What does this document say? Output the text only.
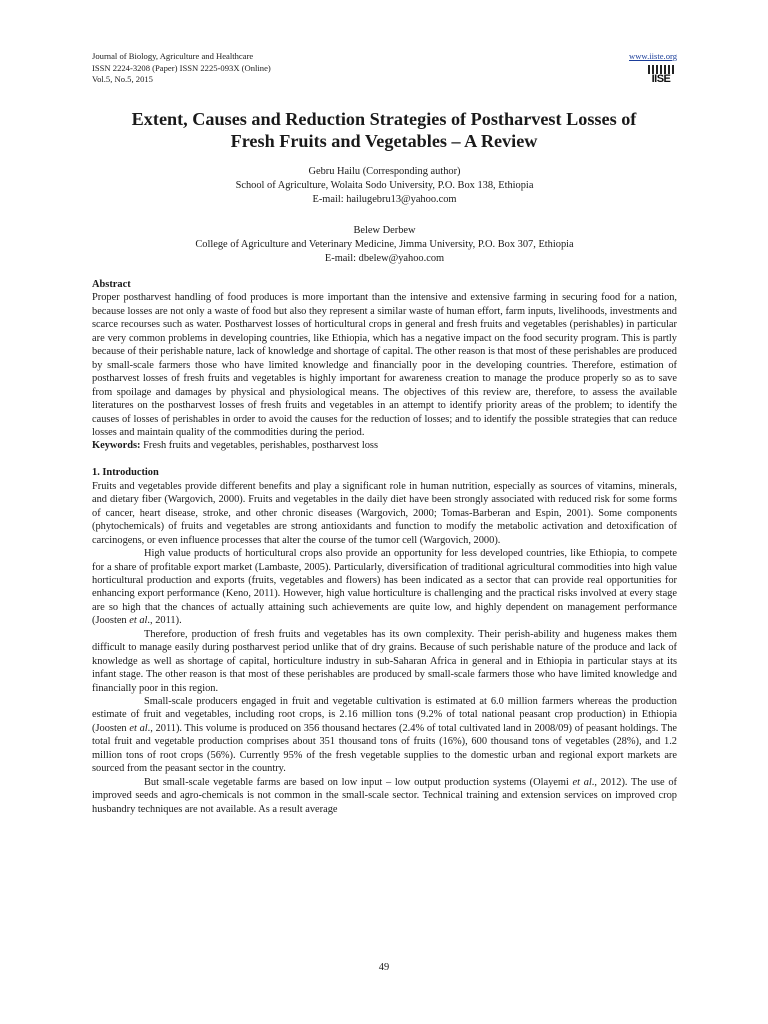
Journal of Biology, Agriculture and Healthcare
ISSN 2224-3208 (Paper) ISSN 2225-093X (Online)
Vol.5, No.5, 2015
www.iiste.org
IISE
Extent, Causes and Reduction Strategies of Postharvest Losses of
Fresh Fruits and Vegetables – A Review
Gebru Hailu (Corresponding author)
School of Agriculture, Wolaita Sodo University, P.O. Box 138, Ethiopia
E-mail: hailugebru13@yahoo.com
Belew Derbew
College of Agriculture and Veterinary Medicine, Jimma University, P.O. Box 307, Ethiopia
E-mail: dbelew@yahoo.com

Abstract

Proper postharvest handling of food produces is more important than the intensive and extensive farming in securing food for a nation, because losses are not only a waste of food but also they represent a similar waste of human effort, farm inputs, livelihoods, investments and scarce recourses such as water. Postharvest losses of horticultural crops in general and fresh fruits and vegetables (perishables) in particular are very common problems in developing countries, like Ethiopia, which has a negative impact on the food security program. This is partly because of their perishable nature, lack of knowledge and shortage of capital. The other reason is that most of these perishables are produced by small-scale farmers those who have limited knowledge and financially poor in the developing countries. Therefore, estimation of postharvest losses of fresh fruits and vegetables is highly important for awareness creation to manage the produce properly so as to save from spoilage and damages by physical and physiological means. The objectives of this review are, therefore, to assess the available literatures on the postharvest losses of fresh fruits and vegetables in an attempt to identify priority areas of the problem; to identify the causes of losses of perishables in order to avoid the causes for the reduction of losses; and to identify the possible strategies that can reduce losses and maintain quality of the commodities during the period.

Keywords: Fresh fruits and vegetables, perishables, postharvest loss

1. Introduction

Fruits and vegetables provide different benefits and play a significant role in human nutrition, especially as sources of vitamins, minerals, and dietary fiber (Wargovich, 2000). Fruits and vegetables in the daily diet have been strongly associated with reduced risk for some forms of cancer, heart disease, stroke, and other chronic diseases (Wargovich, 2000; Tomas-Barberan and Espin, 2001). Some components (phytochemicals) of fruits and vegetables are strong antioxidants and function to modify the metabolic activation and detoxification of carcinogens, or even influence processes that alter the course of the tumor cell (Wargovich, 2000).

High value products of horticultural crops also provide an opportunity for less developed countries, like Ethiopia, to compete for a share of profitable export market (Lambaste, 2005). Particularly, diversification of traditional agricultural commodities into high value horticultural production and exports (fruits, vegetables and flowers) has been indicated as a sector that can provide real opportunities for enhancing export performance (Keno, 2011). However, high value horticulture is challenging and the practical risks involved at every stage are so high that the chances of actually attaining such achievements are quite low, and highly dependent on management performance (Joosten et al., 2011).

Therefore, production of fresh fruits and vegetables has its own complexity. Their perish-ability and hugeness makes them difficult to manage easily during postharvest period unlike that of dry grains. Because of such perishable nature of the produce and lack of knowledge as well as shortage of capital, horticulture industry in sub-Saharan Africa in general and in Ethiopia in particular stays at its infant stage. The other reason is that most of these perishables are produced by small-scale farmers those who have limited knowledge and financially poor in this region.

Small-scale producers engaged in fruit and vegetable cultivation is estimated at 6.0 million farmers whereas the production estimate of fruit and vegetables, including root crops, is 2.16 million tons (9.2% of total national peasant crop production) in Ethiopia (Joosten et al., 2011). This volume is produced on 356 thousand hectares (2.4% of total cultivated land in 2008/09) of peasant holdings. The total fruit and vegetable production comprises about 351 thousand tons of fruits (16%), 600 thousand tons of vegetables (28%), and 1.2 million tons of root crops (56%). Currently 95% of the fresh vegetable supplies to the domestic urban and regional export markets are sourced from the peasant sector in the country.

But small-scale vegetable farms are based on low input – low output production systems (Olayemi et al., 2012). The use of improved seeds and agro-chemicals is not common in the small-scale sector. Technical training and extension services on improved crop husbandry techniques are not available. As a result average

49
